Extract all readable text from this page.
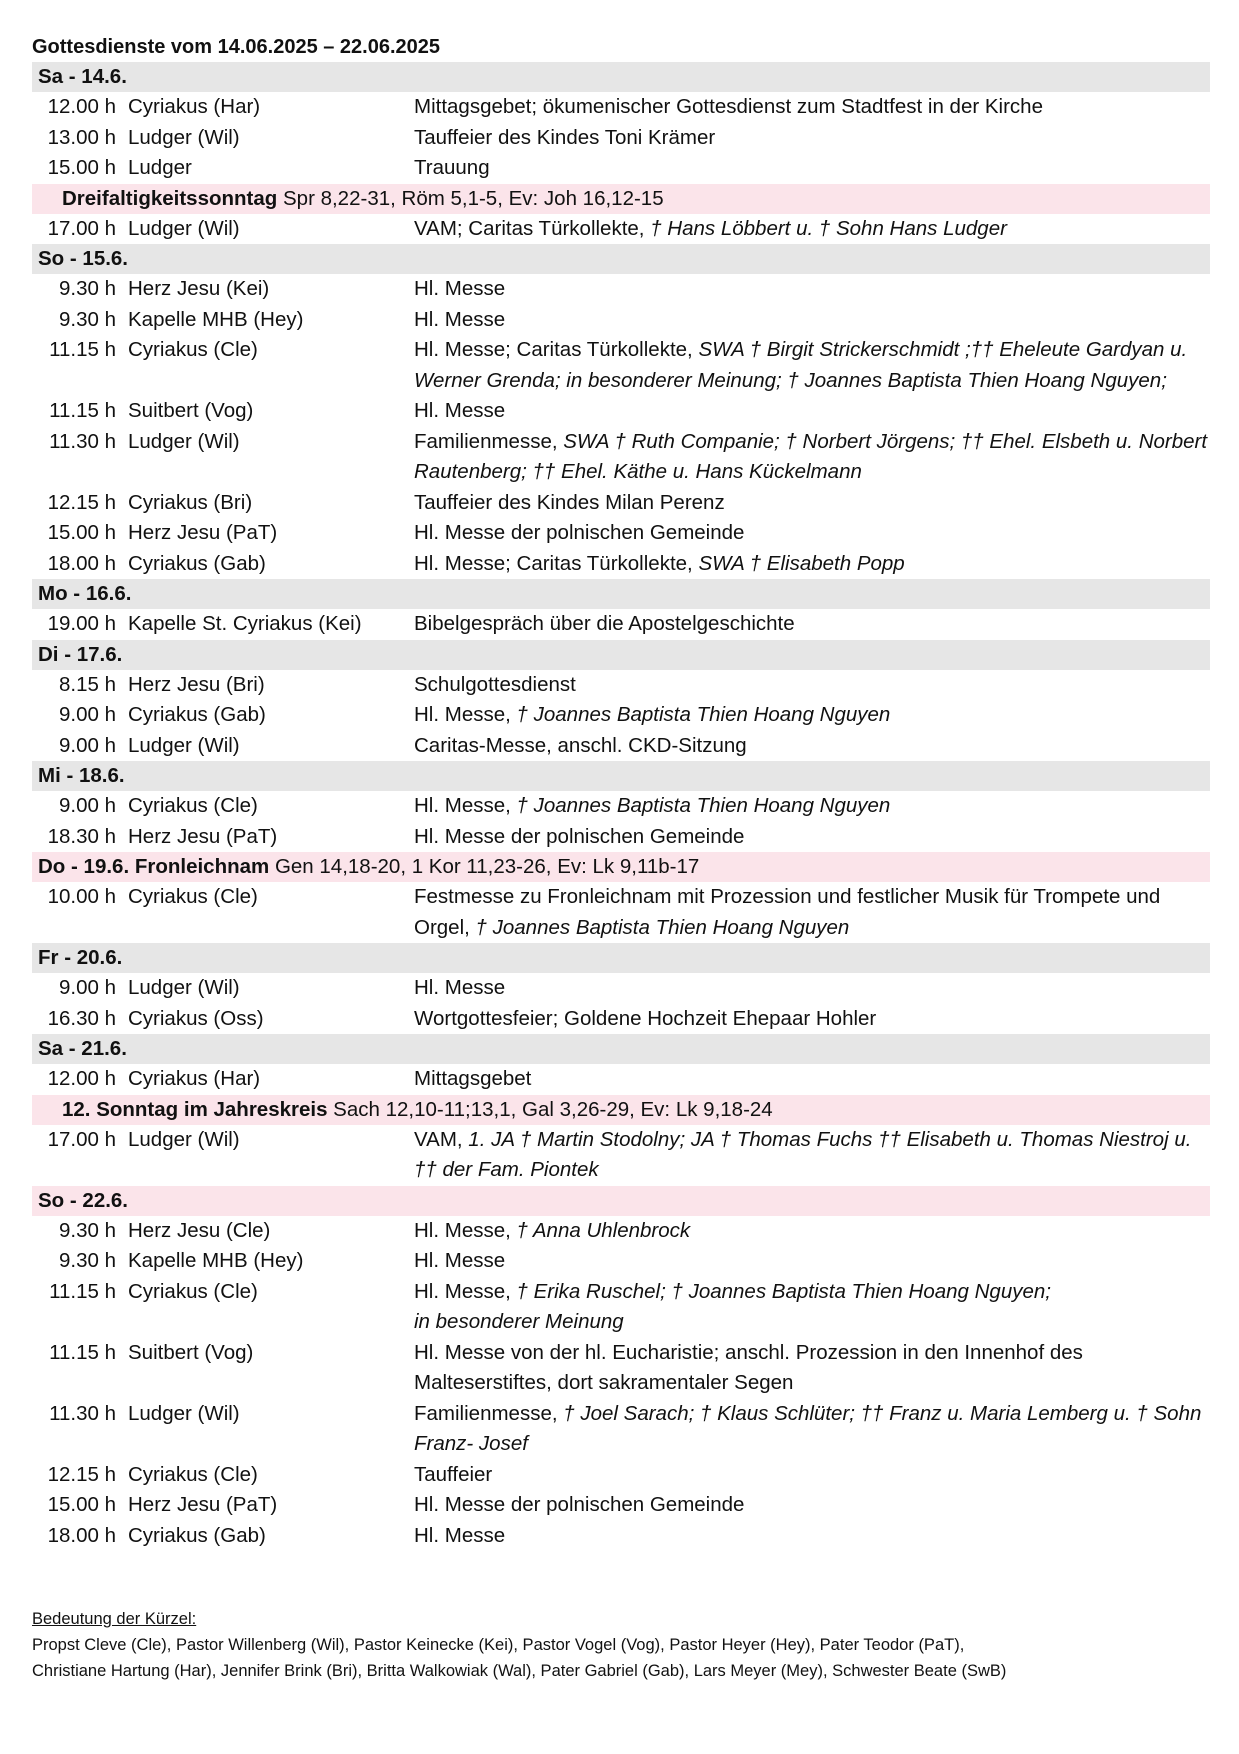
Gottesdienste vom 14.06.2025 – 22.06.2025
Sa - 14.6.
12.00 h Cyriakus (Har)	Mittagsgebet; ökumenischer Gottesdienst zum Stadtfest in der Kirche
13.00 h Ludger (Wil)	Tauffeier des Kindes Toni Krämer
15.00 h Ludger	Trauung
Dreifaltigkeitssonntag Spr 8,22-31, Röm 5,1-5, Ev: Joh 16,12-15
17.00 h Ludger (Wil)	VAM; Caritas Türkollekte, † Hans Löbbert u. † Sohn Hans Ludger
So - 15.6.
9.30 h Herz Jesu (Kei)	Hl. Messe
9.30 h Kapelle MHB (Hey)	Hl. Messe
11.15 h Cyriakus (Cle)	Hl. Messe; Caritas Türkollekte, SWA † Birgit Strickerschmidt ;†† Eheleute Gardyan u. Werner Grenda; in besonderer Meinung; † Joannes Baptista Thien Hoang Nguyen;
11.15 h Suitbert (Vog)	Hl. Messe
11.30 h Ludger (Wil)	Familienmesse, SWA † Ruth Companie; † Norbert Jörgens; †† Ehel. Elsbeth u. Norbert Rautenberg; †† Ehel. Käthe u. Hans Kückelmann
12.15 h Cyriakus (Bri)	Tauffeier des Kindes Milan Perenz
15.00 h Herz Jesu (PaT)	Hl. Messe der polnischen Gemeinde
18.00 h Cyriakus (Gab)	Hl. Messe; Caritas Türkollekte, SWA † Elisabeth Popp
Mo - 16.6.
19.00 h Kapelle St. Cyriakus (Kei)	Bibelgespräch über die Apostelgeschichte
Di - 17.6.
8.15 h Herz Jesu (Bri)	Schulgottesdienst
9.00 h Cyriakus (Gab)	Hl. Messe, † Joannes Baptista Thien Hoang Nguyen
9.00 h Ludger (Wil)	Caritas-Messe, anschl. CKD-Sitzung
Mi - 18.6.
9.00 h Cyriakus (Cle)	Hl. Messe, † Joannes Baptista Thien Hoang Nguyen
18.30 h Herz Jesu (PaT)	Hl. Messe der polnischen Gemeinde
Do - 19.6. Fronleichnam Gen 14,18-20, 1 Kor 11,23-26, Ev: Lk 9,11b-17
10.00 h Cyriakus (Cle)	Festmesse zu Fronleichnam mit Prozession und festlicher Musik für Trompete und Orgel, † Joannes Baptista Thien Hoang Nguyen
Fr - 20.6.
9.00 h Ludger (Wil)	Hl. Messe
16.30 h Cyriakus (Oss)	Wortgottesfeier; Goldene Hochzeit Ehepaar Hohler
Sa - 21.6.
12.00 h Cyriakus (Har)	Mittagsgebet
12. Sonntag im Jahreskreis Sach 12,10-11;13,1, Gal 3,26-29, Ev: Lk 9,18-24
17.00 h Ludger (Wil)	VAM, 1. JA † Martin Stodolny; JA † Thomas Fuchs †† Elisabeth u. Thomas Niestroj u. †† der Fam. Piontek
So - 22.6.
9.30 h Herz Jesu (Cle)	Hl. Messe, † Anna Uhlenbrock
9.30 h Kapelle MHB (Hey)	Hl. Messe
11.15 h Cyriakus (Cle)	Hl. Messe, † Erika Ruschel; † Joannes Baptista Thien Hoang Nguyen;
in besonderer Meinung
11.15 h Suitbert (Vog)	Hl. Messe von der hl. Eucharistie; anschl. Prozession in den Innenhof des Malteserstiftes, dort sakramentaler Segen
11.30 h Ludger (Wil)	Familienmesse, † Joel Sarach; † Klaus Schlüter; †† Franz u. Maria Lemberg u. † Sohn Franz- Josef
12.15 h Cyriakus (Cle)	Tauffeier
15.00 h Herz Jesu (PaT)	Hl. Messe der polnischen Gemeinde
18.00 h Cyriakus (Gab)	Hl. Messe
Bedeutung der Kürzel:
Propst Cleve (Cle), Pastor Willenberg (Wil), Pastor Keinecke (Kei), Pastor Vogel (Vog), Pastor Heyer (Hey), Pater Teodor (PaT),
Christiane Hartung (Har), Jennifer Brink (Bri), Britta Walkowiak (Wal), Pater Gabriel (Gab), Lars Meyer (Mey), Schwester Beate (SwB)
